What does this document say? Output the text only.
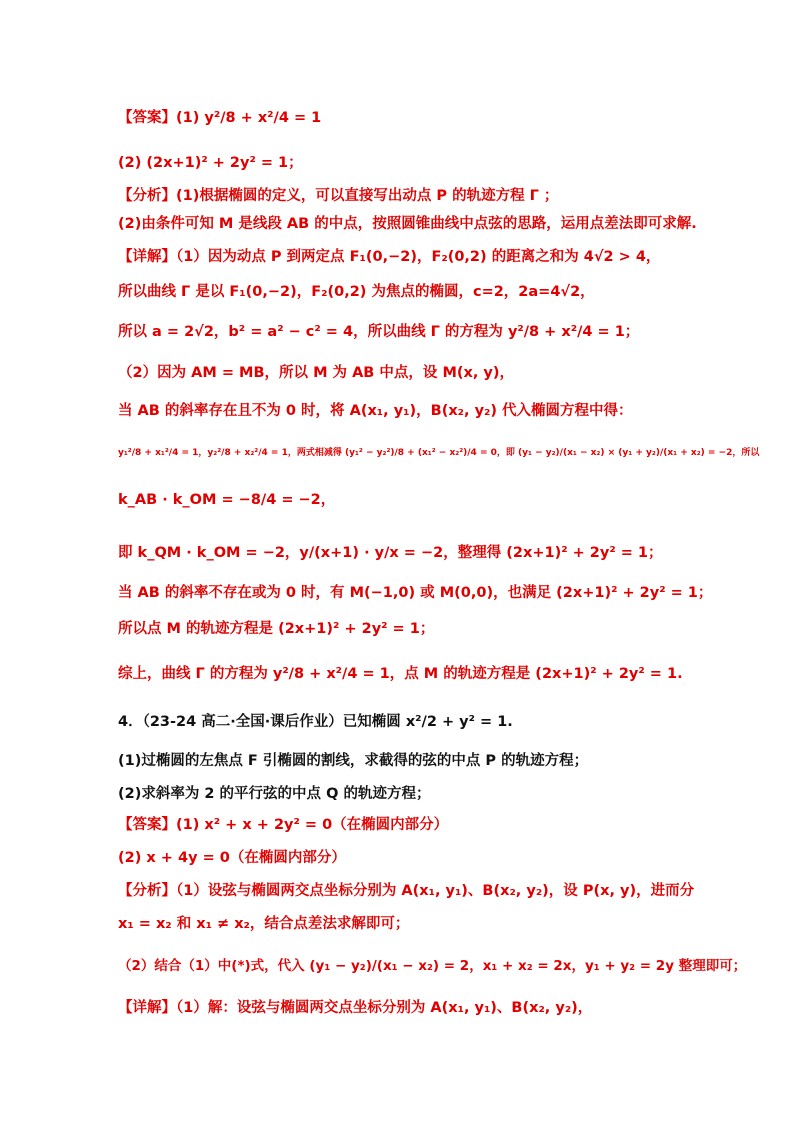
【答案】(1) y²/8 + x²/4 = 1
(2) (2x+1)² + 2y² = 1；
【分析】(1)根据椭圆的定义，可以直接写出动点 P 的轨迹方程 Γ ；
(2)由条件可知 M 是线段 AB 的中点，按照圆锥曲线中点弦的思路，运用点差法即可求解.
【详解】（1）因为动点 P 到两定点 F₁(0,−2)，F₂(0,2) 的距离之和为 4√2 > 4，
所以曲线 Γ 是以 F₁(0,−2)，F₂(0,2) 为焦点的椭圆，c=2，2a=4√2，
所以 a = 2√2，b² = a² − c² = 4，所以曲线 Γ 的方程为 y²/8 + x²/4 = 1；
（2）因为 AM = MB，所以 M 为 AB 中点，设 M(x, y)，
当 AB 的斜率存在且不为 0 时，将 A(x₁, y₁)，B(x₂, y₂) 代入椭圆方程中得：
y₁²/8 + x₁²/4 = 1，y₂²/8 + x₂²/4 = 1，两式相减得 (y₁² − y₂²)/8 + (x₁² − x₂²)/4 = 0，即 (y₁ − y₂)/(x₁ − x₂) × (y₁ + y₂)/(x₁ + x₂) = −2，所以
k_AB · k_OM = −8/4 = −2，
即 k_QM · k_OM = −2，y/(x+1) · y/x = −2，整理得 (2x+1)² + 2y² = 1；
当 AB 的斜率不存在或为 0 时，有 M(−1,0) 或 M(0,0)，也满足 (2x+1)² + 2y² = 1；
所以点 M 的轨迹方程是 (2x+1)² + 2y² = 1；
综上，曲线 Γ 的方程为 y²/8 + x²/4 = 1，点 M 的轨迹方程是 (2x+1)² + 2y² = 1.
4．（23-24 高二·全国·课后作业）已知椭圆 x²/2 + y² = 1.
(1)过椭圆的左焦点 F 引椭圆的割线，求截得的弦的中点 P 的轨迹方程；
(2)求斜率为 2 的平行弦的中点 Q 的轨迹方程；
【答案】(1) x² + x + 2y² = 0（在椭圆内部分）
(2) x + 4y = 0（在椭圆内部分）
【分析】（1）设弦与椭圆两交点坐标分别为 A(x₁, y₁)、B(x₂, y₂)，设 P(x, y)，进而分
x₁ = x₂ 和 x₁ ≠ x₂，结合点差法求解即可；
（2）结合（1）中(*)式，代入 (y₁ − y₂)/(x₁ − x₂) = 2，x₁ + x₂ = 2x，y₁ + y₂ = 2y 整理即可；
【详解】（1）解：设弦与椭圆两交点坐标分别为 A(x₁, y₁)、B(x₂, y₂)，
